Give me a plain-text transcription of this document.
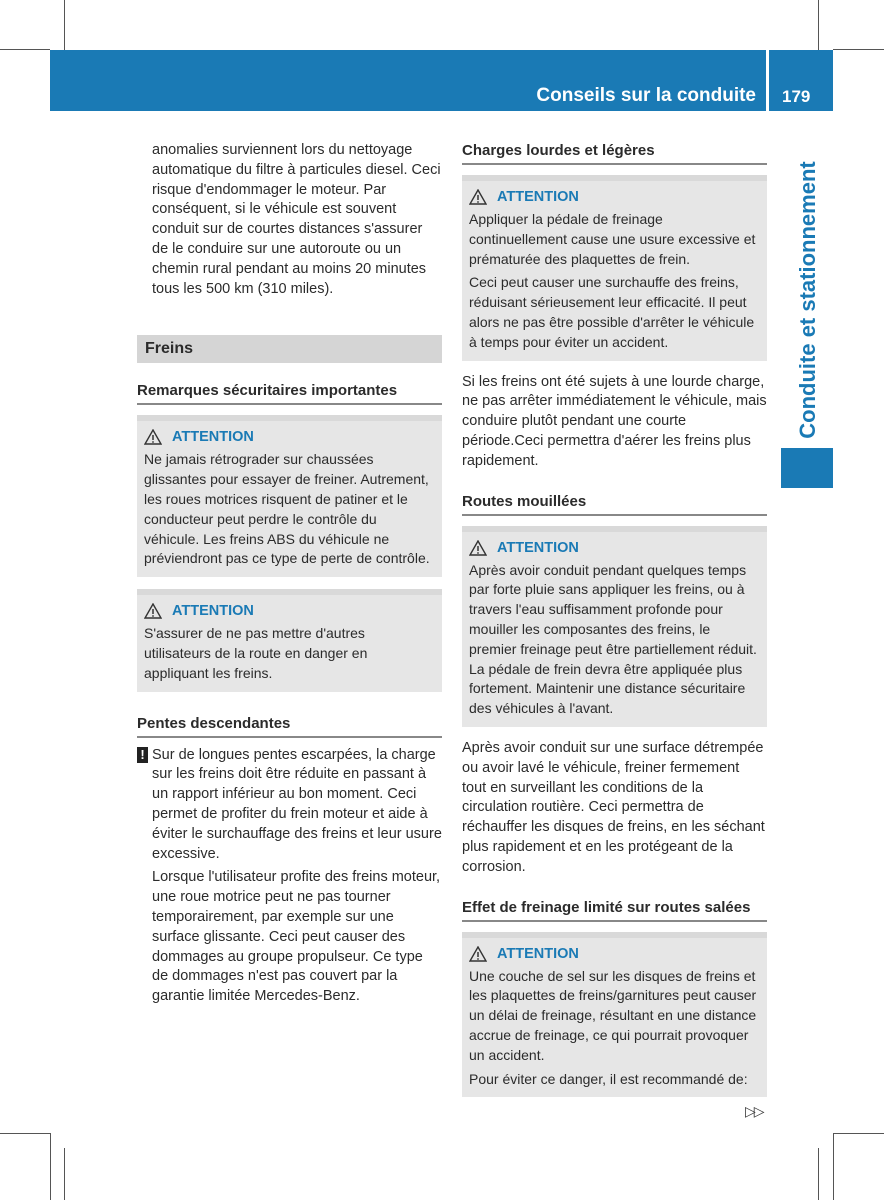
Conseils sur la conduite 179
Conduite et stationnement

anomalies surviennent lors du nettoyage automatique du filtre à particules diesel. Ceci risque d'endommager le moteur. Par conséquent, si le véhicule est souvent conduit sur de courtes distances s'assurer de le conduire sur une autoroute ou un chemin rural pendant au moins 20 minutes tous les 500 km (310 miles).

Freins
Remarques sécuritaires importantes
ATTENTION

Ne jamais rétrograder sur chaussées glissantes pour essayer de freiner. Autrement, les roues motrices risquent de patiner et le conducteur peut perdre le contrôle du véhicule. Les freins ABS du véhicule ne préviendront pas ce type de perte de contrôle.

ATTENTION

S'assurer de ne pas mettre d'autres utilisateurs de la route en danger en appliquant les freins.

Pentes descendantes
! Sur de longues pentes escarpées, la charge sur les freins doit être réduite en passant à un rapport inférieur au bon moment. Ceci permet de profiter du frein moteur et aide à éviter le surchauffage des freins et leur usure excessive.

Lorsque l'utilisateur profite des freins moteur, une roue motrice peut ne pas tourner temporairement, par exemple sur une surface glissante. Ceci peut causer des dommages au groupe propulseur. Ce type de dommages n'est pas couvert par la garantie limitée Mercedes-Benz.

Charges lourdes et légères
ATTENTION

Appliquer la pédale de freinage continuellement cause une usure excessive et prématurée des plaquettes de frein.

Ceci peut causer une surchauffe des freins, réduisant sérieusement leur efficacité. Il peut alors ne pas être possible d'arrêter le véhicule à temps pour éviter un accident.

Si les freins ont été sujets à une lourde charge, ne pas arrêter immédiatement le véhicule, mais conduire plutôt pendant une courte période.Ceci permettra d'aérer les freins plus rapidement.

Routes mouillées
ATTENTION

Après avoir conduit pendant quelques temps par forte pluie sans appliquer les freins, ou à travers l'eau suffisamment profonde pour mouiller les composantes des freins, le premier freinage peut être partiellement réduit. La pédale de frein devra être appliquée plus fortement. Maintenir une distance sécuritaire des véhicules à l'avant.

Après avoir conduit sur une surface détrempée ou avoir lavé le véhicule, freiner fermement tout en surveillant les conditions de la circulation routière. Ceci permettra de réchauffer les disques de freins, en les séchant plus rapidement et en les protégeant de la corrosion.

Effet de freinage limité sur routes salées
ATTENTION

Une couche de sel sur les disques de freins et les plaquettes de freins/garnitures peut causer un délai de freinage, résultant en une distance accrue de freinage, ce qui pourrait provoquer un accident.

Pour éviter ce danger, il est recommandé de:

▷▷
